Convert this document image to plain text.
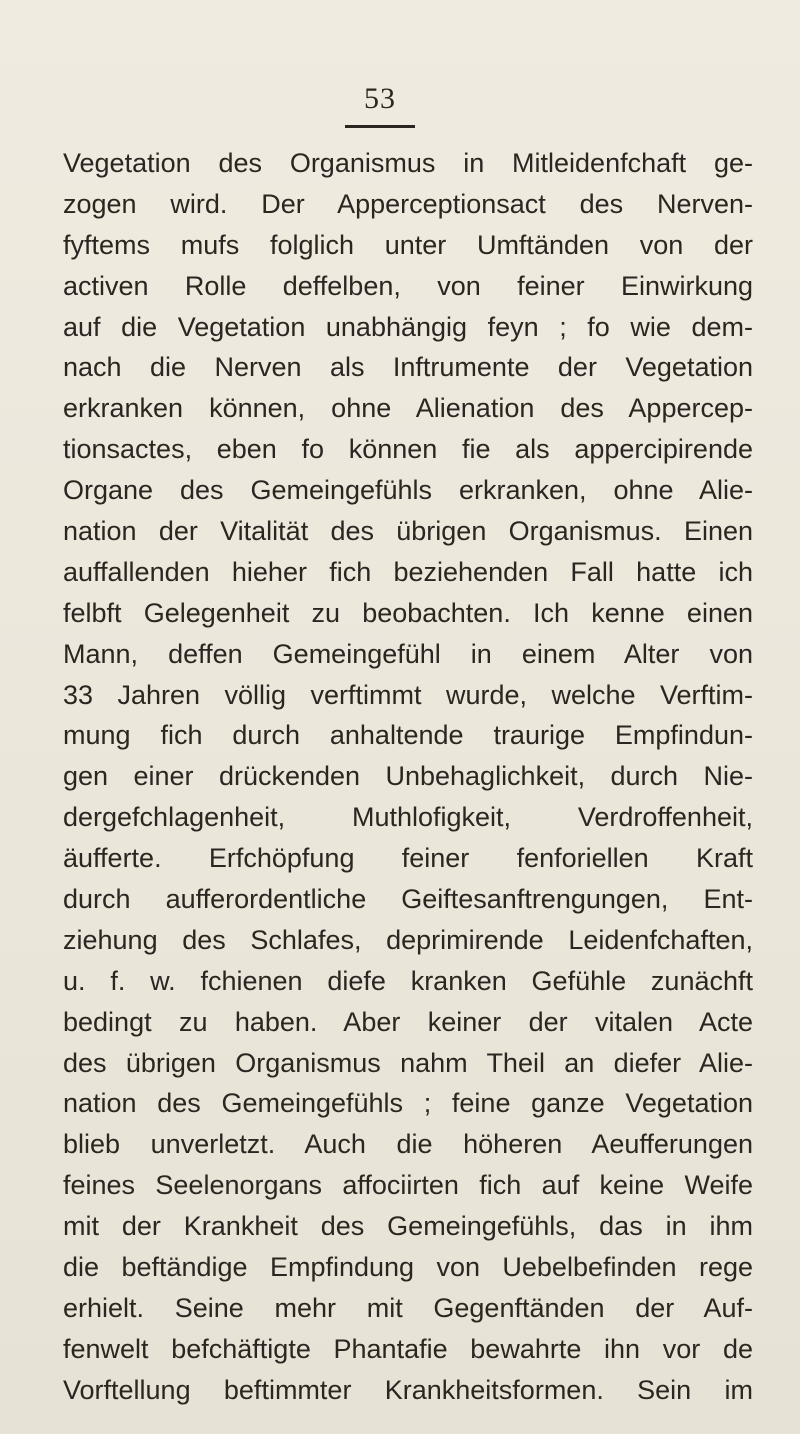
53
Vegetation des Organismus in Mitleidenfchaft ge-
zogen wird. Der Apperceptionsact des Nerven-
fyftems mufs folglich unter Umftänden von der
activen Rolle deffelben, von feiner Einwirkung
auf die Vegetation unabhängig feyn ; fo wie dem-
nach die Nerven als Inftrumente der Vegetation
erkranken können, ohne Alienation des Appercep-
tionsactes, eben fo können fie als appercipirende
Organe des Gemeingefühls erkranken, ohne Alie-
nation der Vitalität des übrigen Organismus. Einen
auffallenden hieher fich beziehenden Fall hatte ich
felbft Gelegenheit zu beobachten. Ich kenne einen
Mann, deffen Gemeingefühl in einem Alter von
33 Jahren völlig verftimmt wurde, welche Verftim-
mung fich durch anhaltende traurige Empfindun-
gen einer drückenden Unbehaglichkeit, durch Nie-
dergefchlagenheit, Muthlofigkeit, Verdroffenheit,
äufferte. Erfchöpfung feiner fenforiellen Kraft
durch aufferordentliche Geiftesanftrengungen, Ent-
ziehung des Schlafes, deprimirende Leidenfchaften,
u. f. w. fchienen diefe kranken Gefühle zunächft
bedingt zu haben. Aber keiner der vitalen Acte
des übrigen Organismus nahm Theil an diefer Alie-
nation des Gemeingefühls ; feine ganze Vegetation
blieb unverletzt. Auch die höheren Aeufferungen
feines Seelenorgans affociirten fich auf keine Weife
mit der Krankheit des Gemeingefühls, das in ihm
die beftändige Empfindung von Uebelbefinden rege
erhielt. Seine mehr mit Gegenftänden der Auf-
fenwelt befchäftigte Phantafie bewahrte ihn vor de
Vorftellung beftimmter Krankheitsformen. Sein im
